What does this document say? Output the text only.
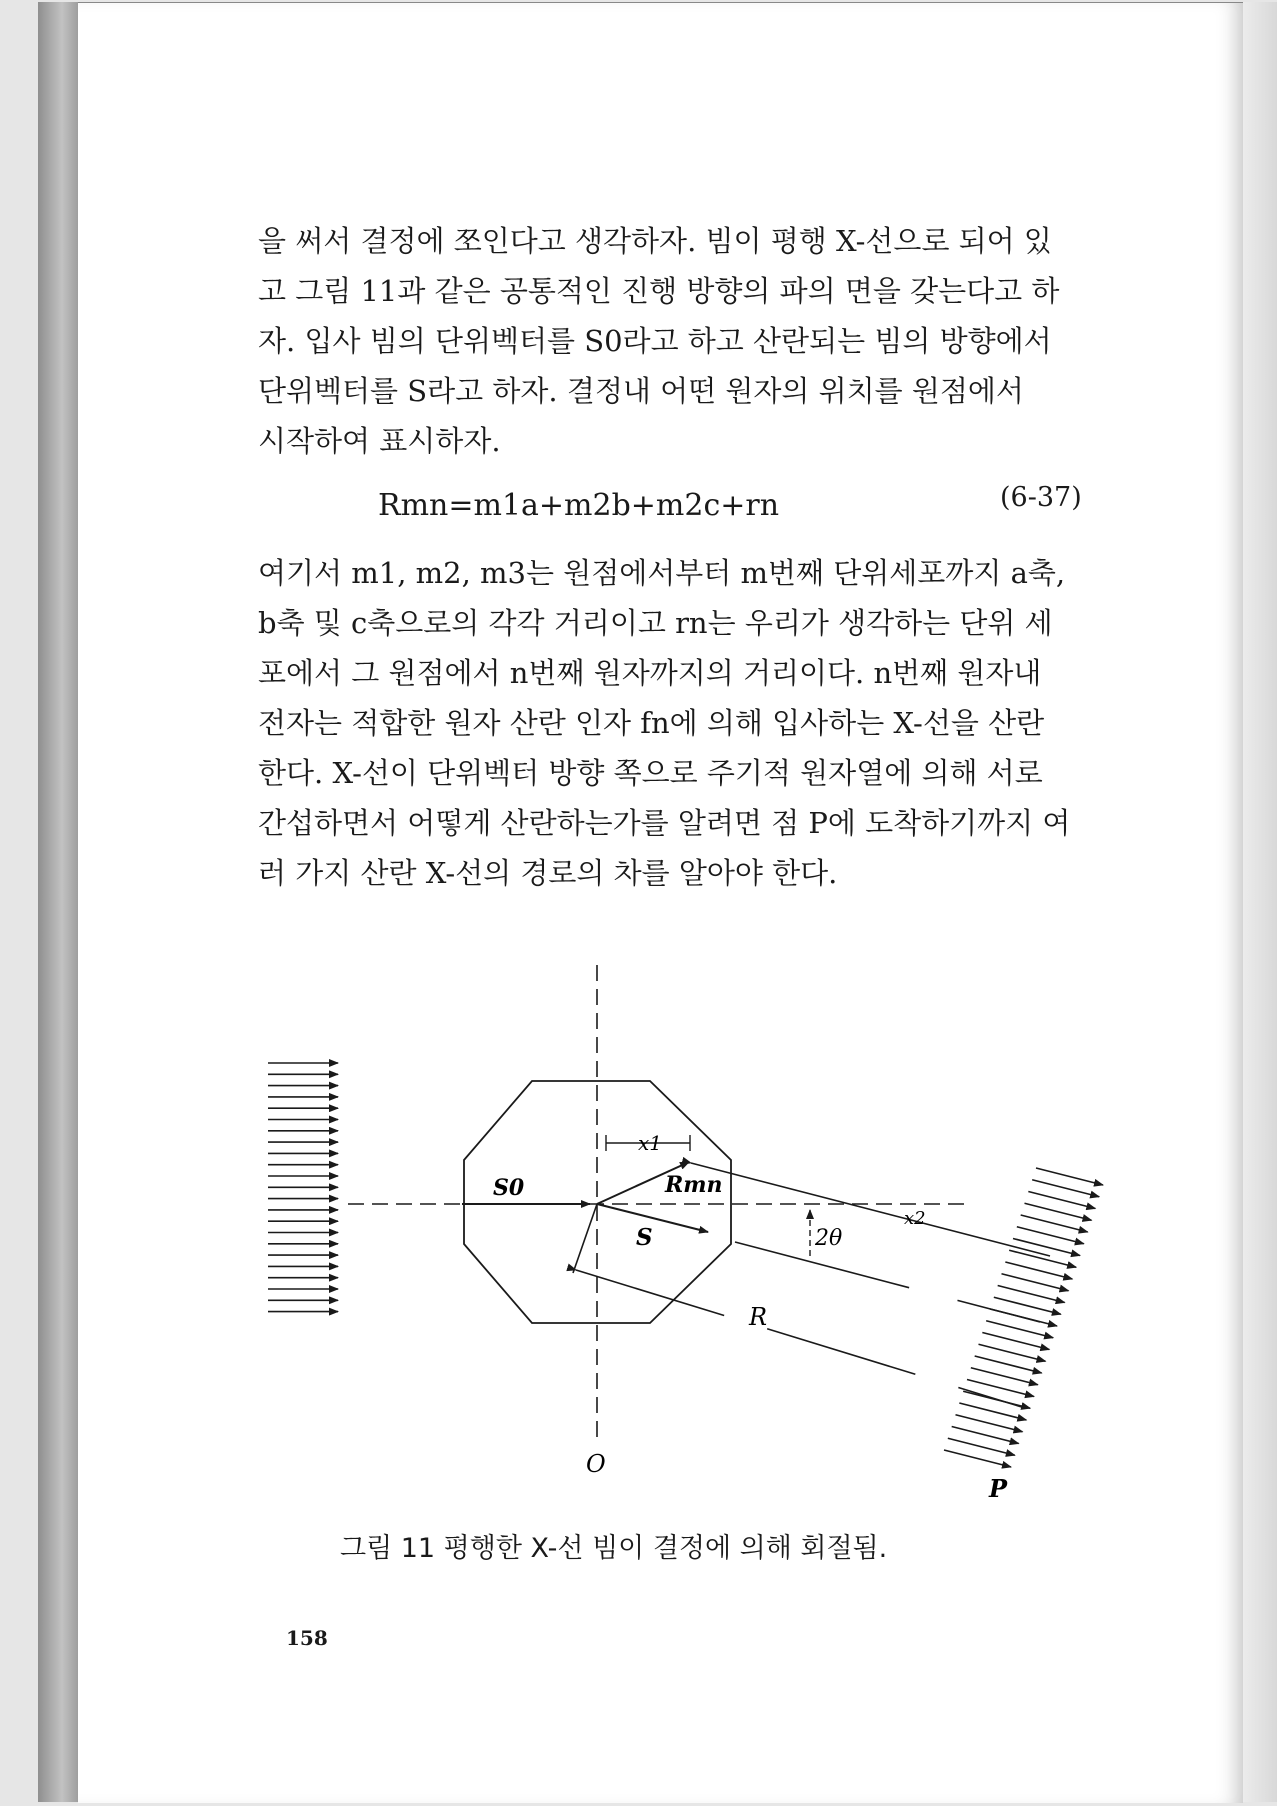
을 써서 결정에 쪼인다고 생각하자. 빔이 평행 X-선으로 되어 있
고 그림 11과 같은 공통적인 진행 방향의 파의 면을 갖는다고 하
자. 입사 빔의 단위벡터를 S0라고 하고 산란되는 빔의 방향에서
단위벡터를 S라고 하자. 결정내 어떤 원자의 위치를 원점에서
시작하여 표시하자.
Rmn=m1a+m2b+m2c+rn	(6-37)
여기서 m1, m2, m3는 원점에서부터 m번째 단위세포까지 a축,
b축 및 c축으로의 각각 거리이고 rn는 우리가 생각하는 단위 세
포에서 그 원점에서 n번째 원자까지의 거리이다. n번째 원자내
전자는 적합한 원자 산란 인자 fn에 의해 입사하는 X-선을 산란
한다. X-선이 단위벡터 방향 쪽으로 주기적 원자열에 의해 서로
간섭하면서 어떻게 산란하는가를 알려면 점 P에 도착하기까지 여
러 가지 산란 X-선의 경로의 차를 알아야 한다.
S0
x1
Rmn
x2
S	2θ
R
O
P
그림 11 평행한 X-선 빔이 결정에 의해 회절됨.
158
